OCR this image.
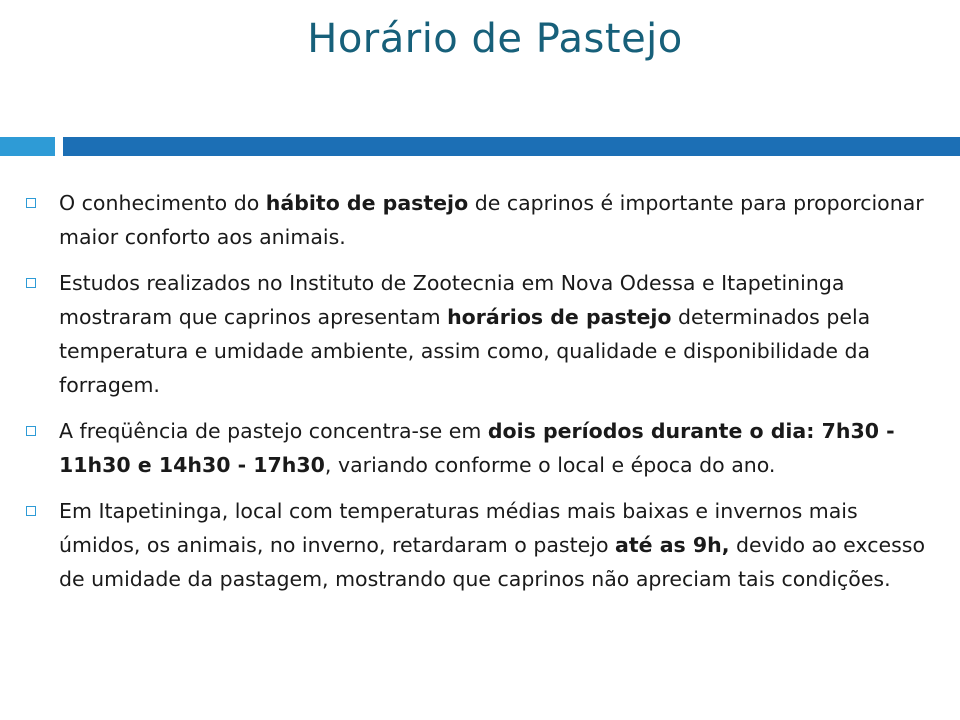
Horário de Pastejo
O conhecimento do hábito de pastejo de caprinos é importante para proporcionar maior conforto aos animais.
Estudos realizados no Instituto de Zootecnia em Nova Odessa e Itapetininga mostraram que caprinos apresentam horários de pastejo determinados pela temperatura e umidade ambiente, assim como, qualidade e disponibilidade da forragem.
A freqüência de pastejo concentra-se em dois períodos durante o dia: 7h30 - 11h30 e 14h30 - 17h30, variando conforme o local e época do ano.
Em Itapetininga, local com temperaturas médias mais baixas e invernos mais úmidos, os animais, no inverno, retardaram o pastejo até as 9h, devido ao excesso de umidade da pastagem, mostrando que caprinos não apreciam tais condições.
